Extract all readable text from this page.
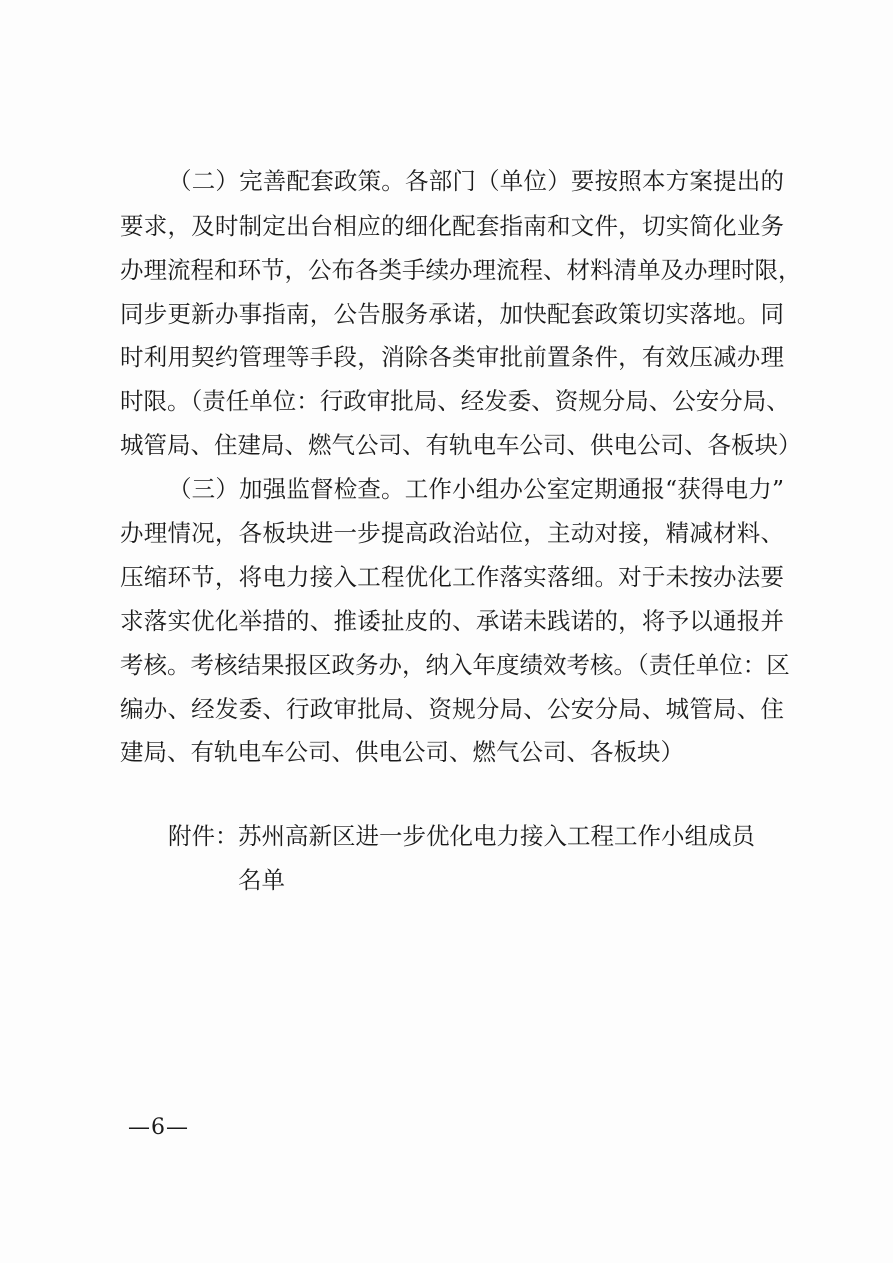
（二）完善配套政策。各部门（单位）要按照本方案提出的
要求，及时制定出台相应的细化配套指南和文件，切实简化业务
办理流程和环节，公布各类手续办理流程、材料清单及办理时限，
同步更新办事指南，公告服务承诺，加快配套政策切实落地。同
时利用契约管理等手段，消除各类审批前置条件，有效压减办理
时限。（责任单位：行政审批局、经发委、资规分局、公安分局、
城管局、住建局、燃气公司、有轨电车公司、供电公司、各板块）
（三）加强监督检查。工作小组办公室定期通报“获得电力”
办理情况，各板块进一步提高政治站位，主动对接，精减材料、
压缩环节，将电力接入工程优化工作落实落细。对于未按办法要
求落实优化举措的、推诿扯皮的、承诺未践诺的，将予以通报并
考核。考核结果报区政务办，纳入年度绩效考核。（责任单位：区
编办、经发委、行政审批局、资规分局、公安分局、城管局、住
建局、有轨电车公司、供电公司、燃气公司、各板块）
附件： 苏州高新区进一步优化电力接入工程工作小组成员
名单
—6—
